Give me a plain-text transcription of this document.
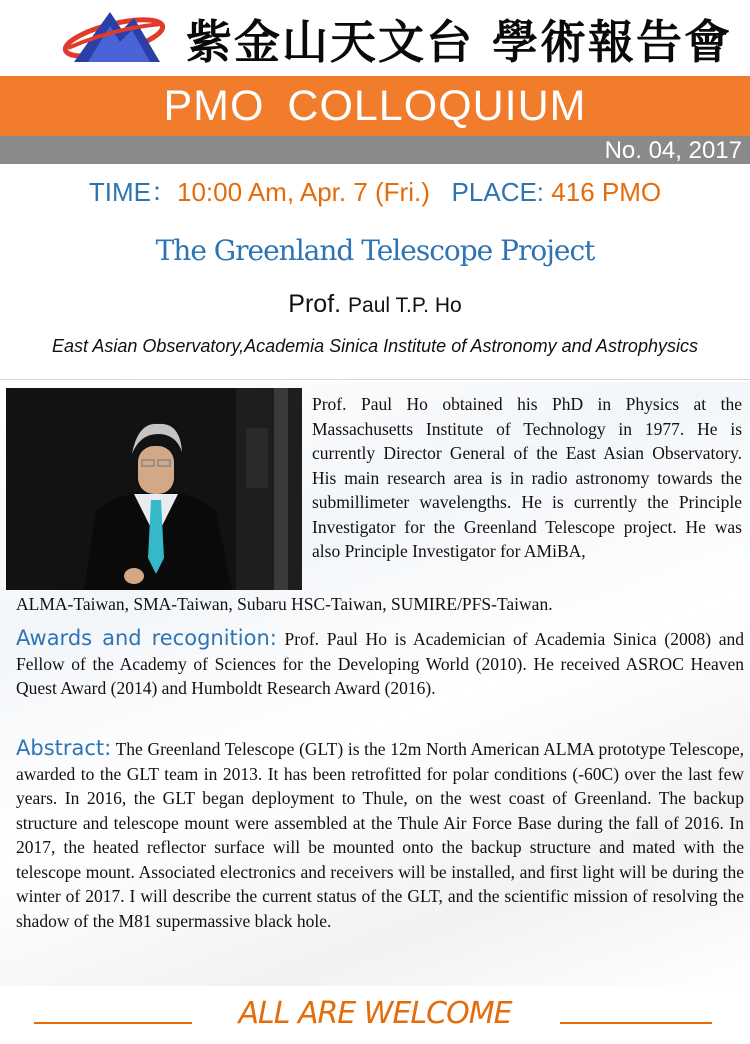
紫金山天文台 學術報告會
PMO COLLOQUIUM
No. 04, 2017
TIME：10:00 Am, Apr. 7 (Fri.) PLACE: 416 PMO
The Greenland Telescope Project
Prof. Paul T.P. Ho
East Asian Observatory,Academia Sinica Institute of Astronomy and Astrophysics
Prof. Paul Ho obtained his PhD in Physics at the Massachusetts Institute of Technology in 1977. He is currently Director General of the East Asian Observatory. His main research area is in radio astronomy towards the submillimeter wavelengths. He is currently the Principle Investigator for the Greenland Telescope project. He was also Principle Investigator for AMiBA,
ALMA-Taiwan, SMA-Taiwan, Subaru HSC-Taiwan, SUMIRE/PFS-Taiwan.
Awards and recognition: Prof. Paul Ho is Academician of Academia Sinica (2008) and Fellow of the Academy of Sciences for the Developing World (2010). He received ASROC Heaven Quest Award (2014) and Humboldt Research Award (2016).
Abstract: The Greenland Telescope (GLT) is the 12m North American ALMA prototype Telescope, awarded to the GLT team in 2013. It has been retrofitted for polar conditions (-60C) over the last few years. In 2016, the GLT began deployment to Thule, on the west coast of Greenland. The backup structure and telescope mount were assembled at the Thule Air Force Base during the fall of 2016. In 2017, the heated reflector surface will be mounted onto the backup structure and mated with the telescope mount. Associated electronics and receivers will be installed, and first light will be during the winter of 2017. I will describe the current status of the GLT, and the scientific mission of resolving the shadow of the M81 supermassive black hole.
ALL ARE WELCOME
